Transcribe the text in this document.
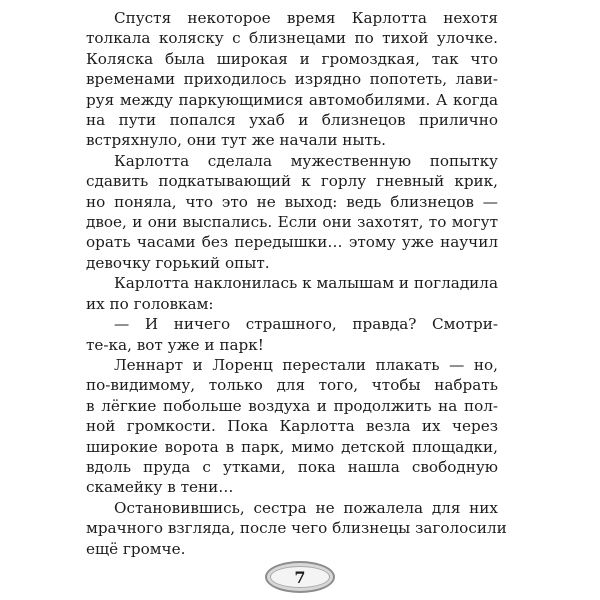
Спустя некоторое время Карлотта нехотя
толкала коляску с близнецами по тихой улочке.
Коляска была широкая и громоздкая, так что
временами приходилось изрядно попотеть, лави-
руя между паркующимися автомобилями. А когда
на пути попался ухаб и близнецов прилично
встряхнуло, они тут же начали ныть.

Карлотта сделала мужественную попытку
сдавить подкатывающий к горлу гневный крик,
но поняла, что это не выход: ведь близнецов —
двое, и они выспались. Если они захотят, то могут
орать часами без передышки… этому уже научил
девочку горький опыт.

Карлотта наклонилась к малышам и погладила
их по головкам:

— И ничего страшного, правда? Смотри-
те-ка, вот уже и парк!

Леннарт и Лоренц перестали плакать — но,
по-видимому, только для того, чтобы набрать
в лёгкие побольше воздуха и продолжить на пол-
ной громкости. Пока Карлотта везла их через
широкие ворота в парк, мимо детской площадки,
вдоль пруда с утками, пока нашла свободную
скамейку в тени…

Остановившись, сестра не пожалела для них
мрачного взгляда, после чего близнецы заголосили
ещё громче.

7
